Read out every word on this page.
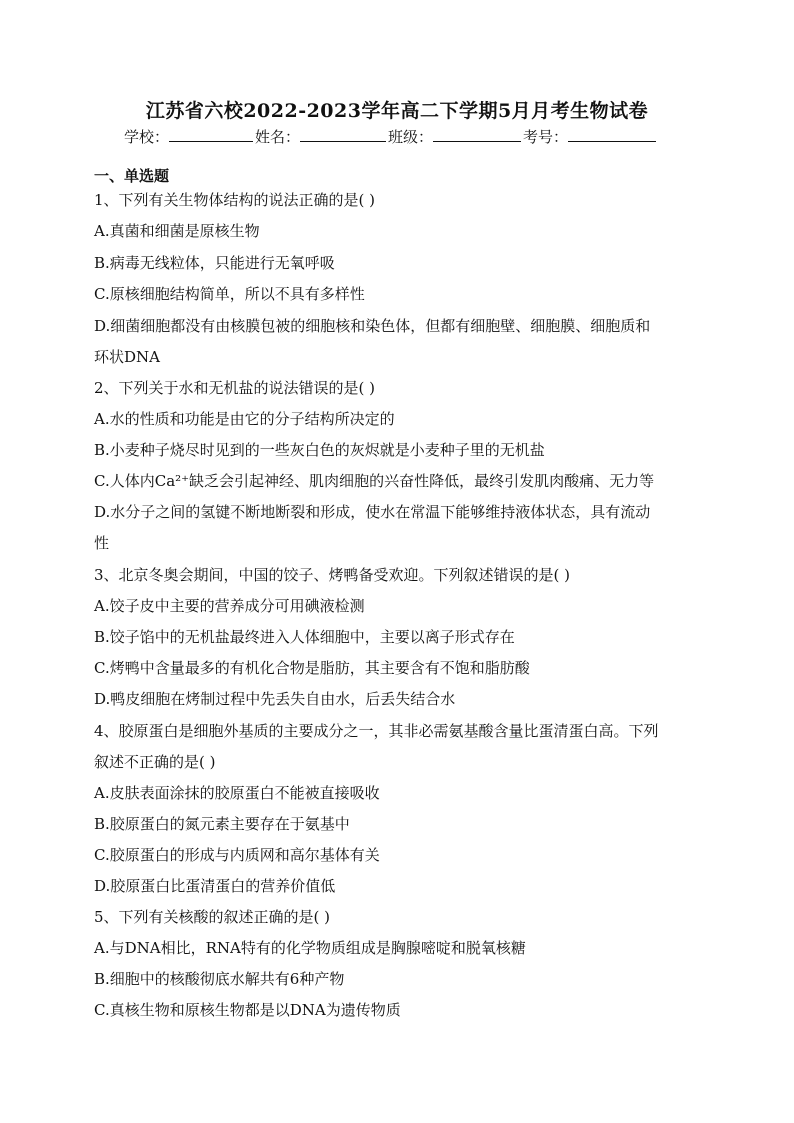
江苏省六校2022-2023学年高二下学期5月月考生物试卷
学校：	姓名：	班级：	考号：
一、单选题
1、下列有关生物体结构的说法正确的是( )
A.真菌和细菌是原核生物
B.病毒无线粒体，只能进行无氧呼吸
C.原核细胞结构简单，所以不具有多样性
D.细菌细胞都没有由核膜包被的细胞核和染色体，但都有细胞壁、细胞膜、细胞质和
环状DNA
2、下列关于水和无机盐的说法错误的是( )
A.水的性质和功能是由它的分子结构所决定的
B.小麦种子烧尽时见到的一些灰白色的灰烬就是小麦种子里的无机盐
C.人体内Ca²⁺缺乏会引起神经、肌肉细胞的兴奋性降低，最终引发肌肉酸痛、无力等
D.水分子之间的氢键不断地断裂和形成，使水在常温下能够维持液体状态，具有流动
性
3、北京冬奥会期间，中国的饺子、烤鸭备受欢迎。下列叙述错误的是( )
A.饺子皮中主要的营养成分可用碘液检测
B.饺子馅中的无机盐最终进入人体细胞中，主要以离子形式存在
C.烤鸭中含量最多的有机化合物是脂肪，其主要含有不饱和脂肪酸
D.鸭皮细胞在烤制过程中先丢失自由水，后丢失结合水
4、胶原蛋白是细胞外基质的主要成分之一，其非必需氨基酸含量比蛋清蛋白高。下列
叙述不正确的是( )
A.皮肤表面涂抹的胶原蛋白不能被直接吸收
B.胶原蛋白的氮元素主要存在于氨基中
C.胶原蛋白的形成与内质网和高尔基体有关
D.胶原蛋白比蛋清蛋白的营养价值低
5、下列有关核酸的叙述正确的是( )
A.与DNA相比，RNA特有的化学物质组成是胸腺嘧啶和脱氧核糖
B.细胞中的核酸彻底水解共有6种产物
C.真核生物和原核生物都是以DNA为遗传物质
